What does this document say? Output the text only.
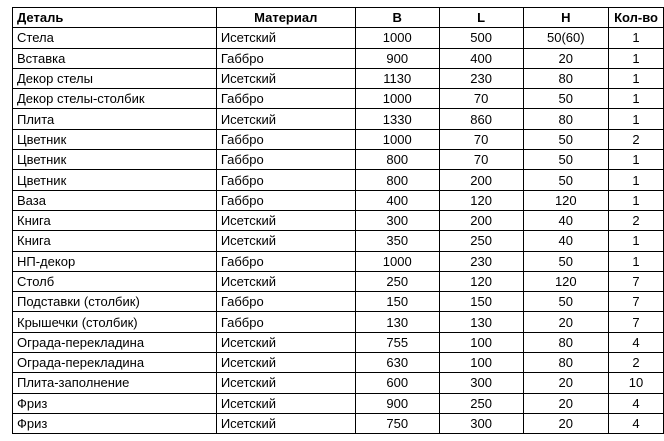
Деталь	Материал	B	L	H	Кол-во
Стела	Исетский	1000	500	50(60)	1
Вставка	Габбро	900	400	20	1
Декор стелы	Исетский	1130	230	80	1
Декор стелы-столбик	Габбро	1000	70	50	1
Плита	Исетский	1330	860	80	1
Цветник	Габбро	1000	70	50	2
Цветник	Габбро	800	70	50	1
Цветник	Габбро	800	200	50	1
Ваза	Габбро	400	120	120	1
Книга	Исетский	300	200	40	2
Книга	Исетский	350	250	40	1
НП-декор	Габбро	1000	230	50	1
Столб	Исетский	250	120	120	7
Подставки (столбик)	Габбро	150	150	50	7
Крышечки (столбик)	Габбро	130	130	20	7
Ограда-перекладина	Исетский	755	100	80	4
Ограда-перекладина	Исетский	630	100	80	2
Плита-заполнение	Исетский	600	300	20	10
Фриз	Исетский	900	250	20	4
Фриз	Исетский	750	300	20	4
